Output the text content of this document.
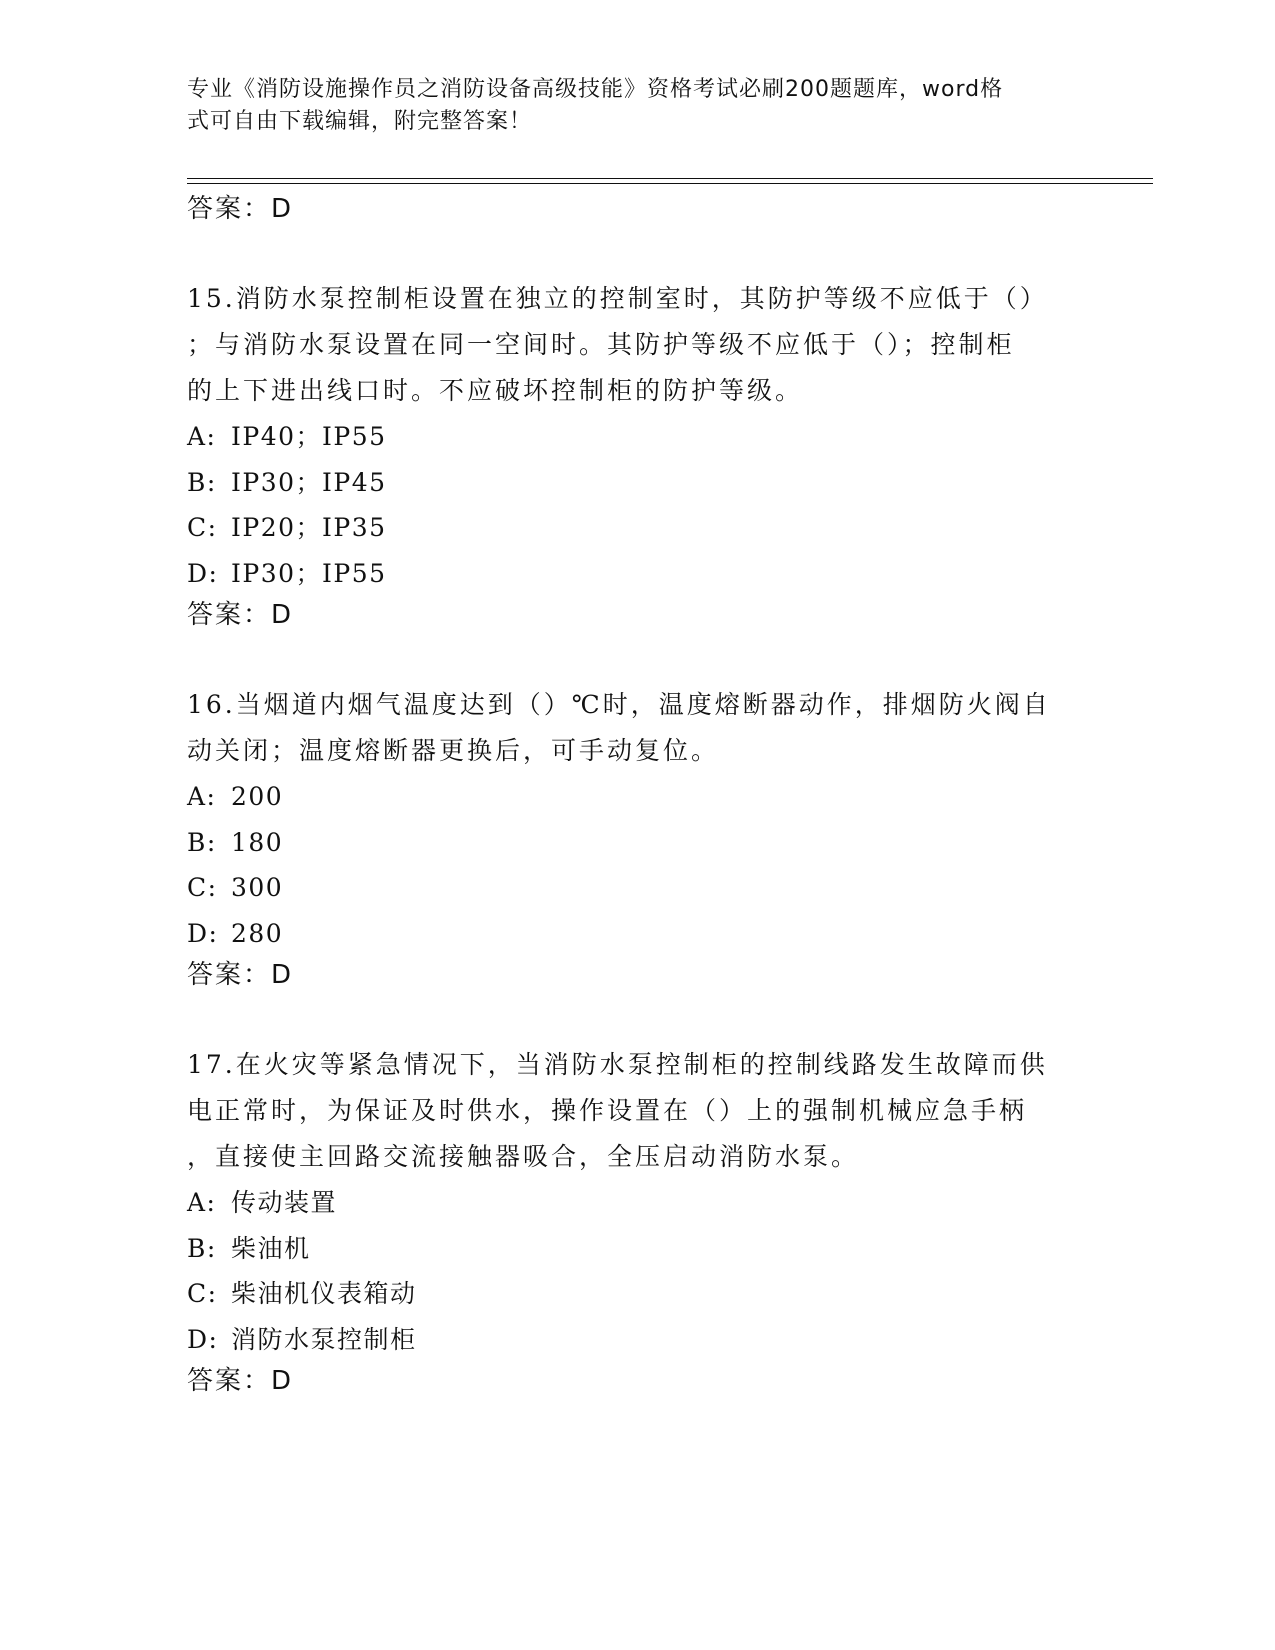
专业《消防设施操作员之消防设备高级技能》资格考试必刷200题题库，word格
式可自由下载编辑，附完整答案！
答案：D

15.消防水泵控制柜设置在独立的控制室时，其防护等级不应低于（）

；与消防水泵设置在同一空间时。其防护等级不应低于（）；控制柜

的上下进出线口时。不应破坏控制柜的防护等级。

A: IP40；IP55

B: IP30；IP45

C: IP20；IP35

D: IP30；IP55

答案：D

16.当烟道内烟气温度达到（）℃时，温度熔断器动作，排烟防火阀自

动关闭；温度熔断器更换后，可手动复位。

A: 200

B: 180

C: 300

D: 280

答案：D

17.在火灾等紧急情况下，当消防水泵控制柜的控制线路发生故障而供

电正常时，为保证及时供水，操作设置在（）上的强制机械应急手柄

，直接使主回路交流接触器吸合，全压启动消防水泵。

A: 传动装置

B: 柴油机

C: 柴油机仪表箱动

D: 消防水泵控制柜

答案：D
